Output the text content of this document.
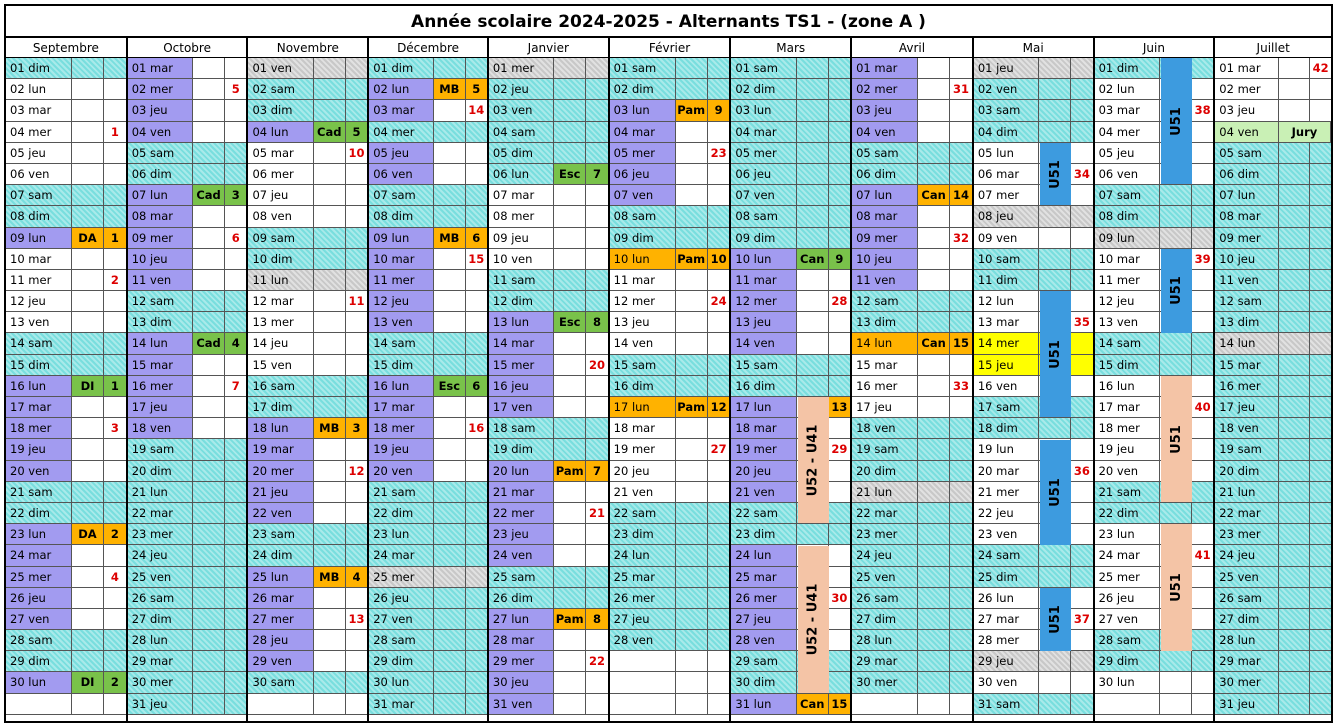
Année scolaire 2024-2025 - Alternants TS1 - (zone A )
Septembre
01 dim
02 lun
03 mar
04 mer	1
05 jeu
06 ven
07 sam
08 dim
09 lun	DA	1
10 mar
11 mer	2
12 jeu
13 ven
14 sam
15 dim
16 lun	DI	1
17 mar
18 mer	3
19 jeu
20 ven
21 sam
22 dim
23 lun	DA	2
24 mar
25 mer	4
26 jeu
27 ven
28 sam
29 dim
30 lun	DI	2
Octobre
01 mar
02 mer	5
03 jeu
04 ven
05 sam
06 dim
07 lun	Cad 3
08 mar
09 mer	6
10 jeu
11 ven
12 sam
13 dim
14 lun	Cad 4
15 mar
16 mer	7
17 jeu
18 ven
19 sam
20 dim
21 lun
22 mar
23 mer
24 jeu
25 ven
26 sam
27 dim
28 lun
29 mar
30 mer
31 jeu
Novembre
01 ven
02 sam
03 dim
04 lun	Cad 5
05 mar	10
06 mer
07 jeu
08 ven
09 sam
10 dim
11 lun
12 mar	11
13 mer
14 jeu
15 ven
16 sam
17 dim
18 lun	MB	3
19 mar
20 mer	12
21 jeu
22 ven
23 sam
24 dim
25 lun	MB	4
26 mar
27 mer	13
28 jeu
29 ven
30 sam
Décembre
01 dim
02 lun	MB	5
03 mar	14
04 mer
05 jeu
06 ven
07 sam
08 dim
09 lun	MB	6
10 mar	15
11 mer
12 jeu
13 ven
14 sam
15 dim
16 lun	Esc	6
17 mar
18 mer	16
19 jeu
20 ven
21 sam
22 dim
23 lun
24 mar
25 mer
26 jeu
27 ven
28 sam
29 dim
30 lun
31 mar
Janvier
01 mer
02 jeu
03 ven
04 sam
05 dim
06 lun	Esc	7
07 mar
08 mer
09 jeu
10 ven
11 sam
12 dim
13 lun	Esc	8
14 mar
15 mer	20
16 jeu
17 ven
18 sam
19 dim
20 lun	Pam 7
21 mar
22 mer	21
23 jeu
24 ven
25 sam
26 dim
27 lun	Pam 8
28 mar
29 mer	22
30 jeu
31 ven
Février
01 sam
02 dim
03 lun	Pam 9
04 mar
05 mer	23
06 jeu
07 ven
08 sam
09 dim
10 lun	Pam 10
11 mar
12 mer	24
13 jeu
14 ven
15 sam
16 dim
17 lun	Pam 12
18 mar
19 mer	27
20 jeu
21 ven
22 sam
23 dim
24 lun
25 mar
26 mer
27 jeu
28 ven
Mars
01 sam
02 dim
03 lun
04 mar
05 mer
06 jeu
07 ven
08 sam
09 dim
10 lun	Can 9
11 mar
12 mer	28
13 jeu
14 ven
15 sam
16 dim
17 lun	13
18 mar
19 mer	29
20 jeu
21 ven
22 sam
23 dim
24 lun
25 mar
26 mer	30
27 jeu
28 ven
29 sam
30 dim
31 lun	Can 15
U52 - U41
U52 - U41
Avril
01 mar
02 mer	31
03 jeu
04 ven
05 sam
06 dim
07 lun	Can 14
08 mar
09 mer	32
10 jeu
11 ven
12 sam
13 dim
14 lun	Can 15
15 mar
16 mer	33
17 jeu
18 ven
19 sam
20 dim
21 lun
22 mar
23 mer
24 jeu
25 ven
26 sam
27 dim
28 lun
29 mar
30 mer
Mai
01 jeu
02 ven
03 sam
04 dim
05 lun
06 mar	34
07 mer
08 jeu
09 ven
10 sam
11 dim
12 lun
13 mar	35
14 mer
15 jeu
16 ven
17 sam
18 dim
19 lun
20 mar	36
21 mer
22 jeu
23 ven
24 sam
25 dim
26 lun
27 mar	37
28 mer
29 jeu
30 ven
31 sam
U51
U51
U51
U51
Juin
01 dim
02 lun
03 mar	38
04 mer
05 jeu
06 ven
07 sam
08 dim
09 lun
10 mar	39
11 mer
12 jeu
13 ven
14 sam
15 dim
16 lun
17 mar	40
18 mer
19 jeu
20 ven
21 sam
22 dim
23 lun
24 mar	41
25 mer
26 jeu
27 ven
28 sam
29 dim
30 lun
U51
U51
U51
U51
Juillet
01 mar	42
02 mer
03 jeu
04 ven	Jury
05 sam
06 dim
07 lun
08 mar
09 mer
10 jeu
11 ven
12 sam
13 dim
14 lun
15 mar
16 mer
17 jeu
18 ven
19 sam
20 dim
21 lun
22 mar
23 mer
24 jeu
25 ven
26 sam
27 dim
28 lun
29 mar
30 mer
31 jeu
